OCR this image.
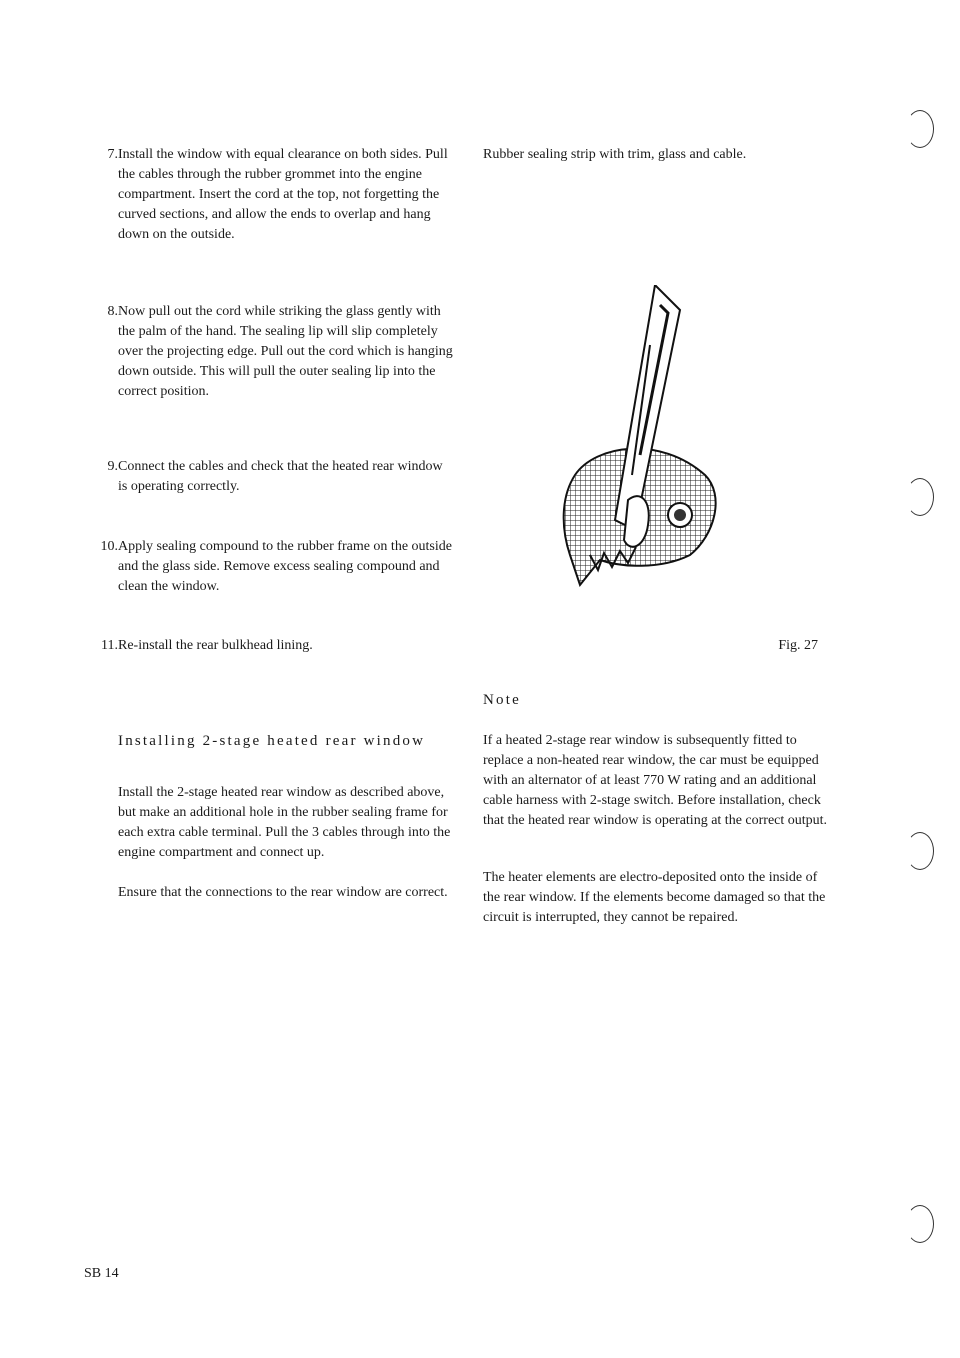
7. Install the window with equal clearance on both sides. Pull the cables through the rubber grommet into the engine compartment. Insert the cord at the top, not forgetting the curved sections, and allow the ends to overlap and hang down on the outside.
8. Now pull out the cord while striking the glass gently with the palm of the hand. The sealing lip will slip completely over the projecting edge. Pull out the cord which is hanging down outside. This will pull the outer sealing lip into the correct position.
9. Connect the cables and check that the heated rear window is operating correctly.
10. Apply sealing compound to the rubber frame on the outside and the glass side. Remove excess sealing compound and clean the window.
11. Re-install the rear bulkhead lining.
Installing 2-stage heated rear window
Install the 2-stage heated rear window as described above, but make an additional hole in the rubber sealing frame for each extra cable terminal. Pull the 3 cables through into the engine compartment and connect up.
Ensure that the connections to the rear window are correct.
Rubber sealing strip with trim, glass and cable.
Fig. 27
Note
If a heated 2-stage rear window is subsequently fitted to replace a non-heated rear window, the car must be equipped with an alternator of at least 770 W rating and an additional cable harness with 2-stage switch. Before installation, check that the heated rear window is operating at the correct output.
The heater elements are electro-deposited onto the inside of the rear window. If the elements become damaged so that the circuit is interrupted, they cannot be repaired.
SB 14
